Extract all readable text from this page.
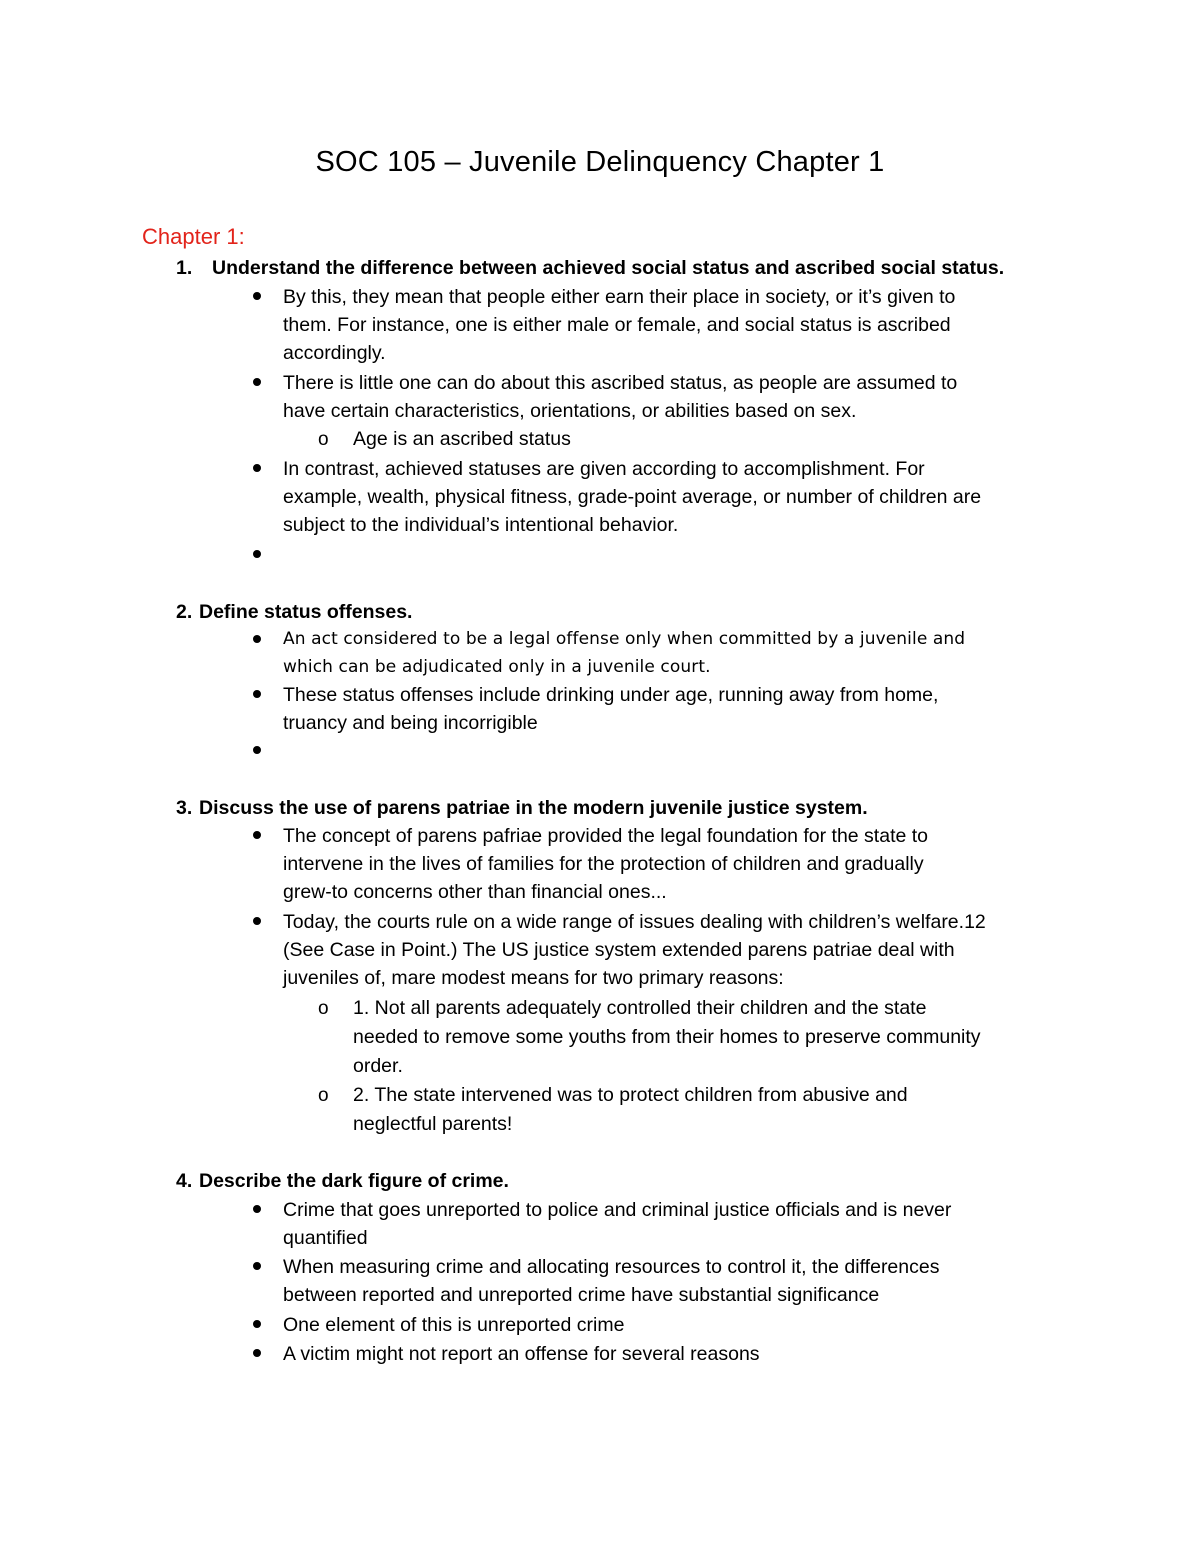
SOC 105 – Juvenile Delinquency Chapter 1
Chapter 1:
1. Understand the difference between achieved social status and ascribed social status.
By this, they mean that people either earn their place in society, or it’s given to
them. For instance, one is either male or female, and social status is ascribed
accordingly.
There is little one can do about this ascribed status, as people are assumed to
have certain characteristics, orientations, or abilities based on sex.
o Age is an ascribed status
In contrast, achieved statuses are given according to accomplishment. For
example, wealth, physical fitness, grade-point average, or number of children are
subject to the individual’s intentional behavior.
2. Define status offenses.
An act considered to be a legal offense only when committed by a juvenile and
which can be adjudicated only in a juvenile court.
These status offenses include drinking under age, running away from home,
truancy and being incorrigible
3. Discuss the use of parens patriae in the modern juvenile justice system.
The concept of parens pafriae provided the legal foundation for the state to
intervene in the lives of families for the protection of children and gradually
grew-to concerns other than financial ones...
Today, the courts rule on a wide range of issues dealing with children’s welfare.12
(See Case in Point.) The US justice system extended parens patriae deal with
juveniles of, mare modest means for two primary reasons:
o 1. Not all parents adequately controlled their children and the state
needed to remove some youths from their homes to preserve community
order.
o 2. The state intervened was to protect children from abusive and
neglectful parents!
4. Describe the dark figure of crime.
Crime that goes unreported to police and criminal justice officials and is never
quantified
When measuring crime and allocating resources to control it, the differences
between reported and unreported crime have substantial significance
One element of this is unreported crime
A victim might not report an offense for several reasons
